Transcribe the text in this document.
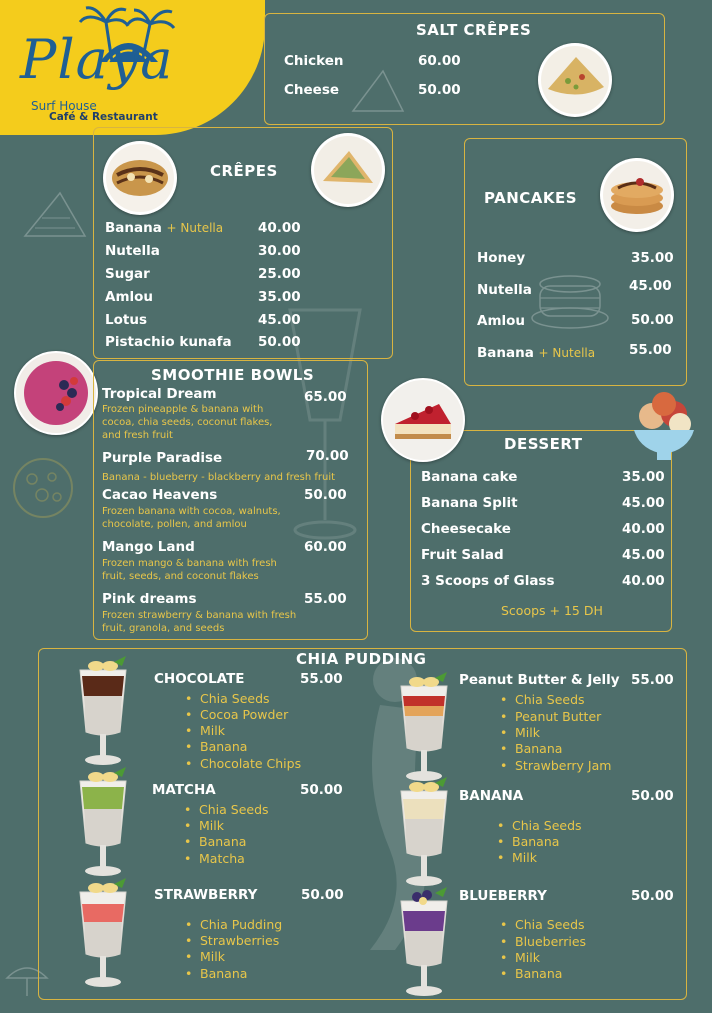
Playa
Surf House
Café & Restaurant
SALT CRÊPES
Chicken	60.00
Cheese	50.00
CRÊPES
Banana + Nutella	40.00
Nutella	30.00
Sugar	25.00
Amlou	35.00
Lotus	45.00
Pistachio kunafa 50.00
PANCAKES
Honey	35.00
Nutella	45.00
Amlou	50.00
Banana + Nutella	55.00
SMOOTHIE BOWLS
Tropical Dream	65.00
Frozen pineapple & banana with cocoa, chia seeds, coconut flakes, and fresh fruit
Purple Paradise	70.00
Banana - blueberry - blackberry and fresh fruit
Cacao Heavens	50.00
Frozen banana with cocoa, walnuts, chocolate, pollen, and amlou
Mango Land	60.00
Frozen mango & banana with fresh fruit, seeds, and coconut flakes
Pink dreams	55.00
Frozen strawberry & banana with fresh fruit, granola, and seeds
DESSERT
Banana cake	35.00
Banana Split	45.00
Cheesecake	40.00
Fruit Salad	45.00
3 Scoops of Glass	40.00
Scoops + 15 DH
CHIA PUDDING
CHOCOLATE	55.00
• Chia Seeds
• Cocoa Powder
• Milk
• Banana
• Chocolate Chips
MATCHA	50.00
• Chia Seeds
• Milk
• Banana
• Matcha
STRAWBERRY	50.00
• Chia Pudding
• Strawberries
• Milk
• Banana
Peanut Butter & Jelly 55.00
• Chia Seeds
• Peanut Butter
• Milk
• Banana
• Strawberry Jam
BANANA	50.00
• Chia Seeds
• Banana
• Milk
BLUEBERRY	50.00
• Chia Seeds
• Blueberries
• Milk
• Banana
